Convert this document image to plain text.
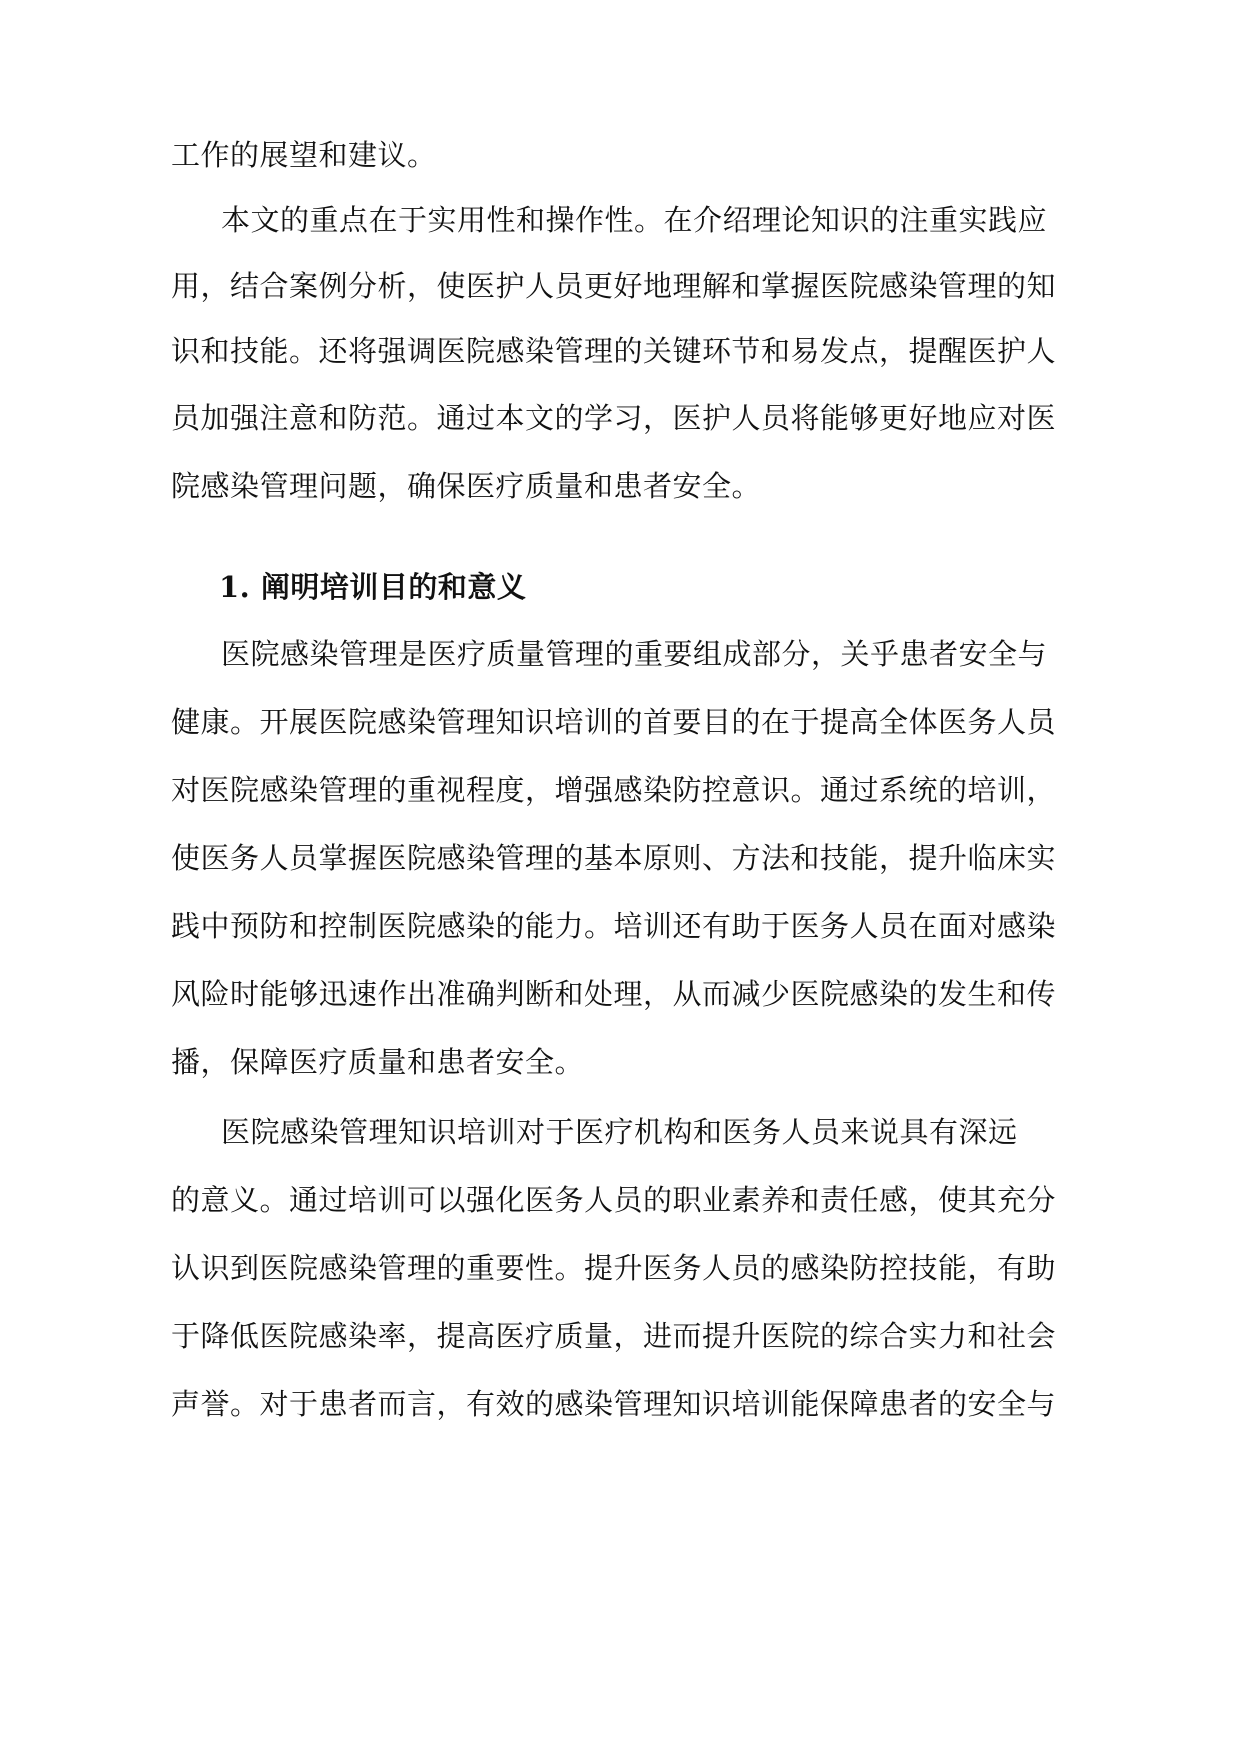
工作的展望和建议。
本文的重点在于实用性和操作性。在介绍理论知识的注重实践应
用，结合案例分析，使医护人员更好地理解和掌握医院感染管理的知
识和技能。还将强调医院感染管理的关键环节和易发点，提醒医护人
员加强注意和防范。通过本文的学习，医护人员将能够更好地应对医
院感染管理问题，确保医疗质量和患者安全。
1. 阐明培训目的和意义
医院感染管理是医疗质量管理的重要组成部分，关乎患者安全与
健康。开展医院感染管理知识培训的首要目的在于提高全体医务人员
对医院感染管理的重视程度，增强感染防控意识。通过系统的培训，
使医务人员掌握医院感染管理的基本原则、方法和技能，提升临床实
践中预防和控制医院感染的能力。培训还有助于医务人员在面对感染
风险时能够迅速作出准确判断和处理，从而减少医院感染的发生和传
播，保障医疗质量和患者安全。
医院感染管理知识培训对于医疗机构和医务人员来说具有深远
的意义。通过培训可以强化医务人员的职业素养和责任感，使其充分
认识到医院感染管理的重要性。提升医务人员的感染防控技能，有助
于降低医院感染率，提高医疗质量，进而提升医院的综合实力和社会
声誉。对于患者而言，有效的感染管理知识培训能保障患者的安全与
